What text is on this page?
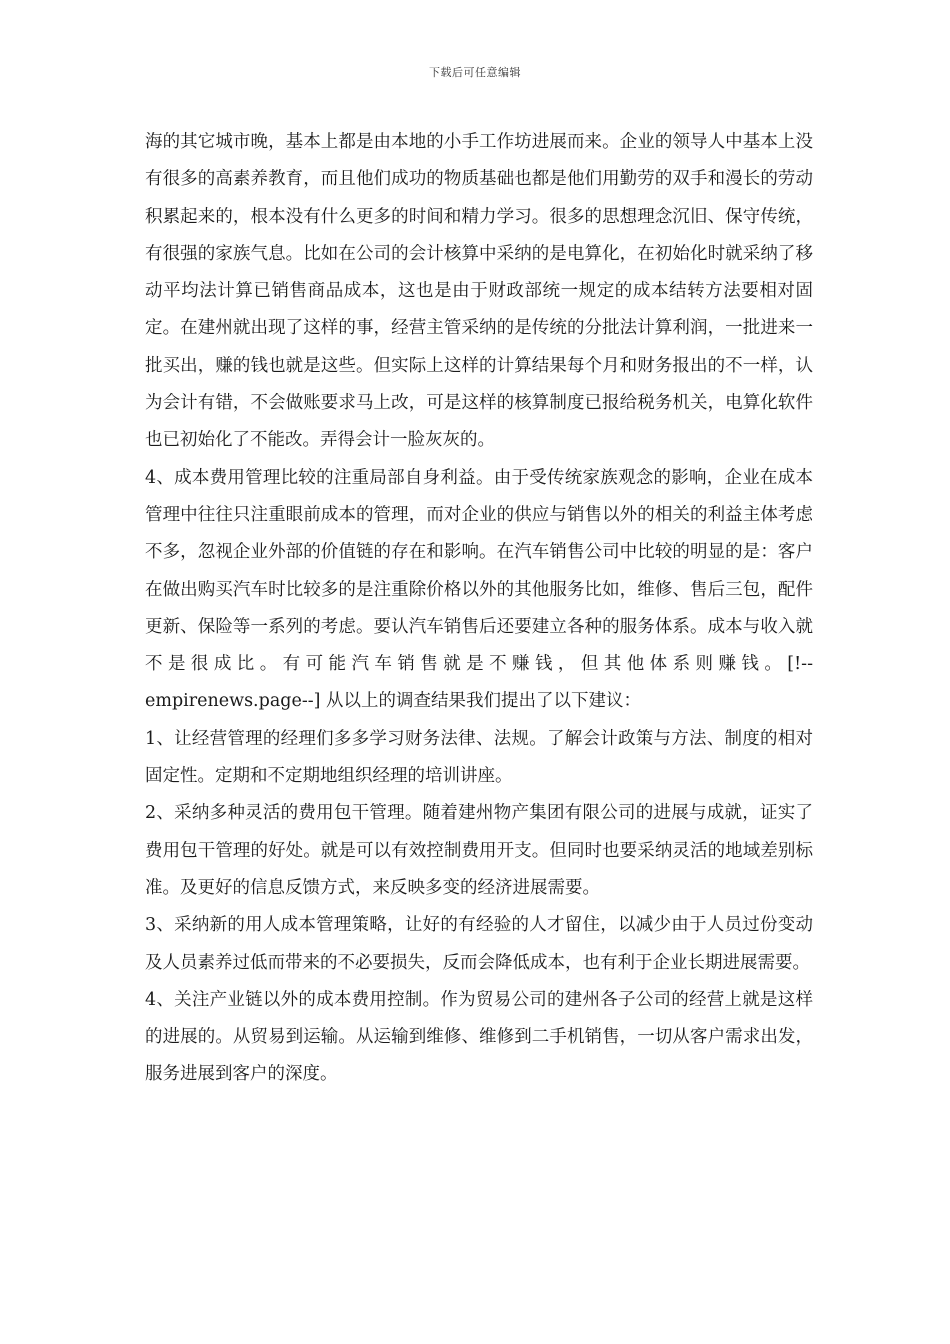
下载后可任意编辑

海的其它城市晚，基本上都是由本地的小手工作坊进展而来。企业的领导人中基本上没有很多的高素养教育，而且他们成功的物质基础也都是他们用勤劳的双手和漫长的劳动积累起来的，根本没有什么更多的时间和精力学习。很多的思想理念沉旧、保守传统，有很强的家族气息。比如在公司的会计核算中采纳的是电算化，在初始化时就采纳了移动平均法计算已销售商品成本，这也是由于财政部统一规定的成本结转方法要相对固定。在建州就出现了这样的事，经营主管采纳的是传统的分批法计算利润，一批进来一批买出，赚的钱也就是这些。但实际上这样的计算结果每个月和财务报出的不一样，认为会计有错，不会做账要求马上改，可是这样的核算制度已报给税务机关，电算化软件也已初始化了不能改。弄得会计一脸灰灰的。

4、成本费用管理比较的注重局部自身利益。由于受传统家族观念的影响，企业在成本管理中往往只注重眼前成本的管理，而对企业的供应与销售以外的相关的利益主体考虑不多，忽视企业外部的价值链的存在和影响。在汽车销售公司中比较的明显的是：客户在做出购买汽车时比较多的是注重除价格以外的其他服务比如，维修、售后三包，配件更新、保险等一系列的考虑。要认汽车销售后还要建立各种的服务体系。成本与收入就不是很成比。有可能汽车销售就是不赚钱，但其他体系则赚钱。[!--empirenews.page--] 从以上的调查结果我们提出了以下建议：

1、让经营管理的经理们多多学习财务法律、法规。了解会计政策与方法、制度的相对固定性。定期和不定期地组织经理的培训讲座。

2、采纳多种灵活的费用包干管理。随着建州物产集团有限公司的进展与成就，证实了费用包干管理的好处。就是可以有效控制费用开支。但同时也要采纳灵活的地域差别标准。及更好的信息反馈方式，来反映多变的经济进展需要。

3、采纳新的用人成本管理策略，让好的有经验的人才留住，以减少由于人员过份变动及人员素养过低而带来的不必要损失，反而会降低成本，也有利于企业长期进展需要。

4、关注产业链以外的成本费用控制。作为贸易公司的建州各子公司的经营上就是这样的进展的。从贸易到运输。从运输到维修、维修到二手机销售，一切从客户需求出发，服务进展到客户的深度。
